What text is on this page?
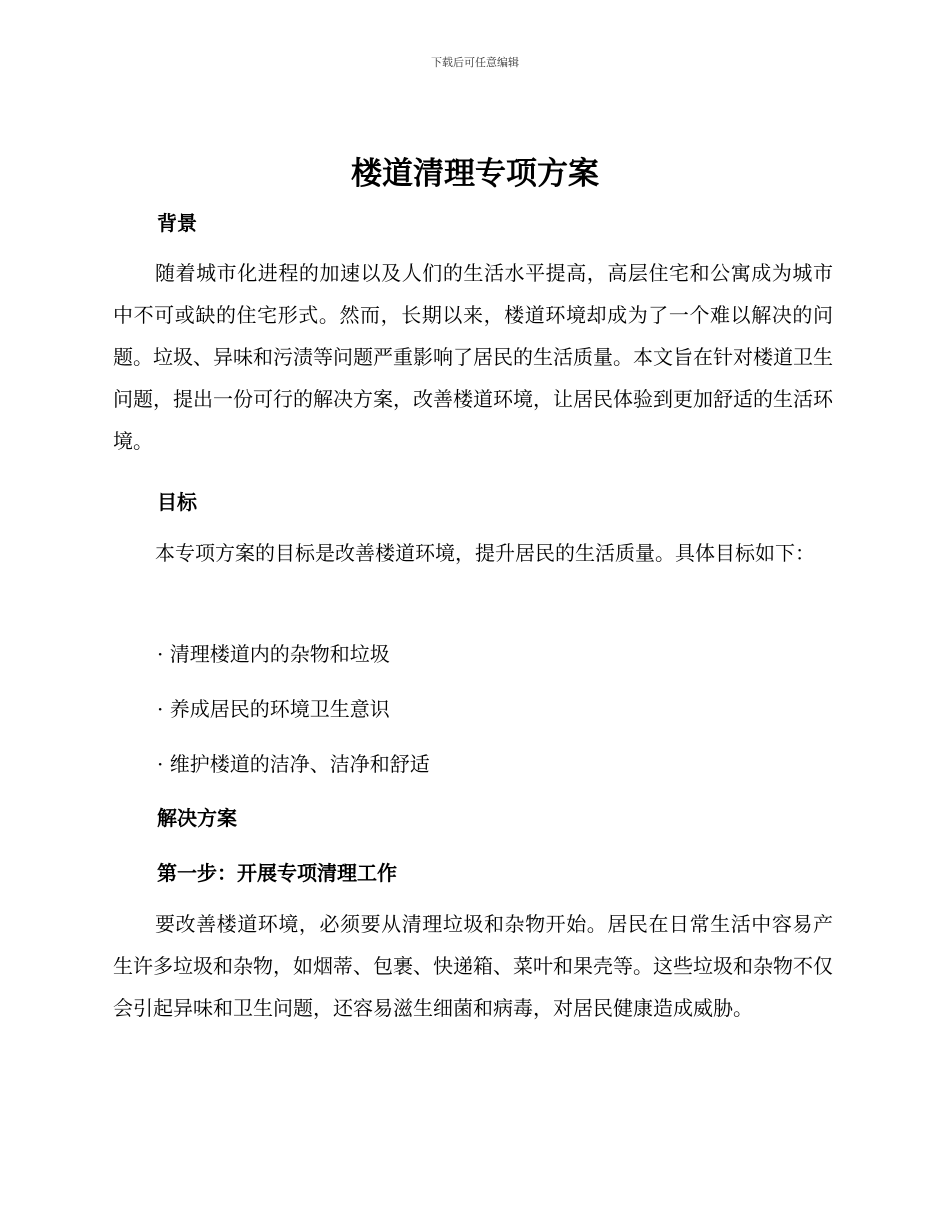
下载后可任意编辑
楼道清理专项方案
背景

随着城市化进程的加速以及人们的生活水平提高，高层住宅和公寓成为城市中不可或缺的住宅形式。然而，长期以来，楼道环境却成为了一个难以解决的问题。垃圾、异味和污渍等问题严重影响了居民的生活质量。本文旨在针对楼道卫生问题，提出一份可行的解决方案，改善楼道环境，让居民体验到更加舒适的生活环境。

目标

本专项方案的目标是改善楼道环境，提升居民的生活质量。具体目标如下：

· 清理楼道内的杂物和垃圾

· 养成居民的环境卫生意识

· 维护楼道的洁净、洁净和舒适

解决方案
第一步：开展专项清理工作

要改善楼道环境，必须要从清理垃圾和杂物开始。居民在日常生活中容易产生许多垃圾和杂物，如烟蒂、包裹、快递箱、菜叶和果壳等。这些垃圾和杂物不仅会引起异味和卫生问题，还容易滋生细菌和病毒，对居民健康造成威胁。
